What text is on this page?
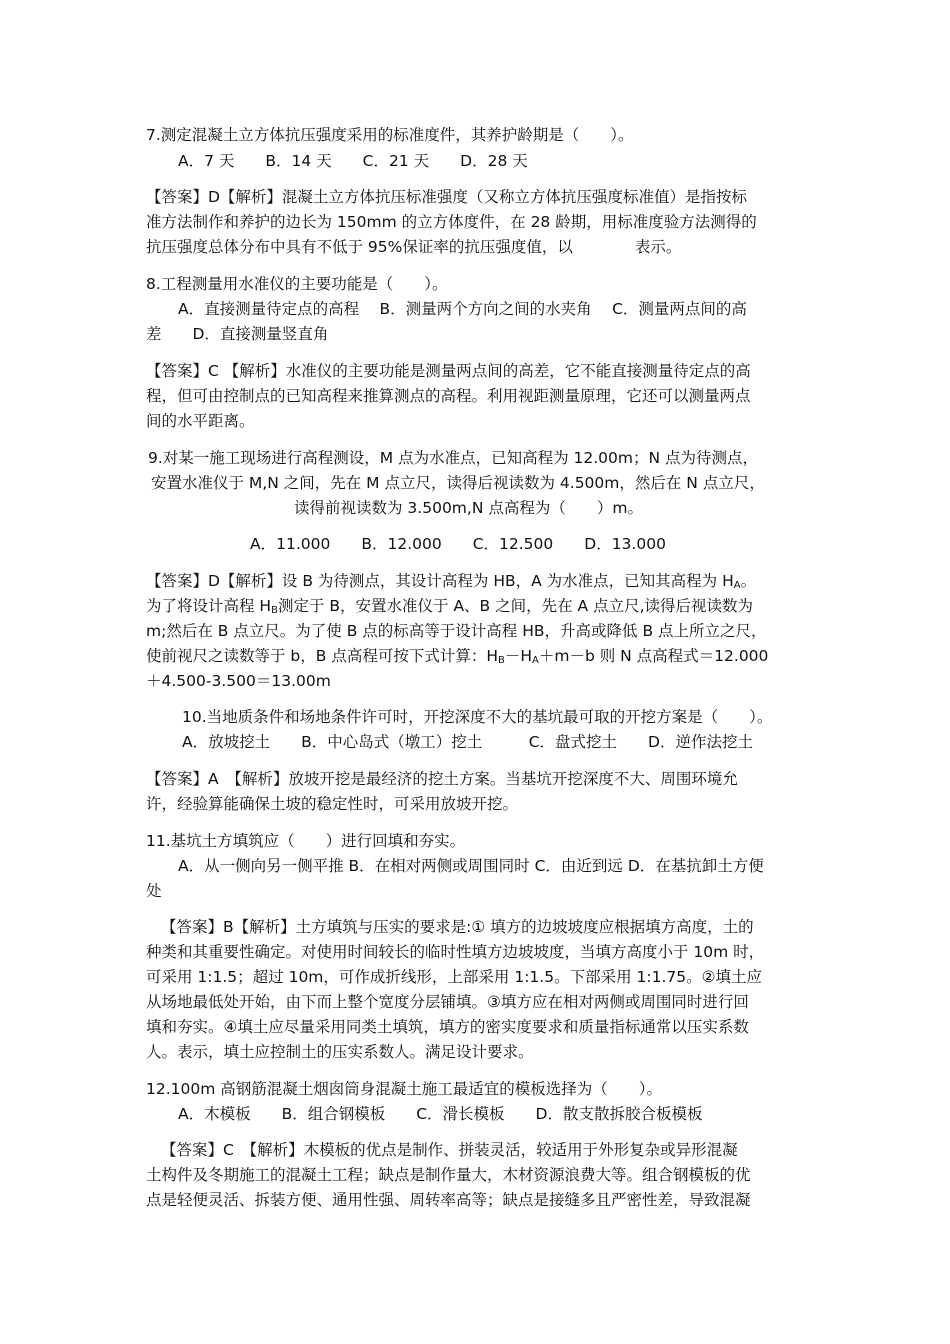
7.测定混凝土立方体抗压强度采用的标准度件，其养护龄期是（　　）。
A．7 天　　B．14 天　　C．21 天　　D．28 天
【答案】D【解析】混凝土立方体抗压标准强度（又称立方体抗压强度标准值）是指按标
准方法制作和养护的边长为 150mm 的立方体度件，在 28 龄期，用标准度验方法测得的
抗压强度总体分布中具有不低于 95%保证率的抗压强度值，以　　　　表示。
8.工程测量用水准仪的主要功能是（　　）。
A．直接测量待定点的高程　 B．测量两个方向之间的水夹角　 C．测量两点间的高
差　　D．直接测量竖直角
【答案】C 【解析】水准仪的主要功能是测量两点间的高差，它不能直接测量待定点的高
程，但可由控制点的已知高程来推算测点的高程。利用视距测量原理，它还可以测量两点
间的水平距离。
9.对某一施工现场进行高程测设，M 点为水准点，已知高程为 12.00m；N 点为待测点，
安置水准仪于 M,N 之间，先在 M 点立尺，读得后视读数为 4.500m，然后在 N 点立尺，
读得前视读数为 3.500m,N 点高程为（　　）m。
A．11.000　　B．12.000　　C．12.500　　D．13.000
【答案】D【解析】设 B 为待测点，其设计高程为 HB，A 为水准点，已知其高程为 $H_A$。
为了将设计高程 $H_B$测定于 B，安置水准仪于 A、B 之间，先在 A 点立尺,读得后视读数为
m;然后在 B 点立尺。为了使 B 点的标高等于设计高程 HB，升高或降低 B 点上所立之尺，
使前视尺之读数等于 b，B 点高程可按下式计算：$H_B-H_A+m-b$ 则 N 点高程式＝12.000
＋4.500-3.500＝13.00m
10.当地质条件和场地条件许可时，开挖深度不大的基坑最可取的开挖方案是（　　）。
A．放坡挖土　　B．中心岛式（墩工）挖土　　　C．盘式挖土　　D．逆作法挖土
【答案】A　【解析】放坡开挖是最经济的挖土方案。当基坑开挖深度不大、周围环境允
许，经验算能确保土坡的稳定性时，可采用放坡开挖。
11.基坑土方填筑应（　　）进行回填和夯实。
A．从一侧向另一侧平推 B．在相对两侧或周围同时 C．由近到远 D．在基抗卸土方便
处
【答案】B【解析】土方填筑与压实的要求是:① 填方的边坡坡度应根据填方高度，土的
种类和其重要性确定。对使用时间较长的临时性填方边坡坡度，当填方高度小于 10m 时，
可采用 1:1.5；超过 10m，可作成折线形，上部采用 1:1.5。下部采用 1:1.75。②填土应
从场地最低处开始，由下而上整个宽度分层铺填。③填方应在相对两侧或周围同时进行回
填和夯实。④填土应尽量采用同类土填筑，填方的密实度要求和质量指标通常以压实系数
人。表示，填土应控制土的压实系数人。满足设计要求。
12.100m 高钢筋混凝土烟囱筒身混凝土施工最适宜的模板选择为（　　）。
A．木模板　　B．组合钢模板　　C．滑长模板　　D．散支散拆胶合板模板
【答案】C　【解析】木模板的优点是制作、拼装灵活，较适用于外形复杂或异形混凝
土构件及冬期施工的混凝土工程；缺点是制作量大，木材资源浪费大等。组合钢模板的优
点是轻便灵活、拆装方便、通用性强、周转率高等；缺点是接缝多且严密性差，导致混凝
